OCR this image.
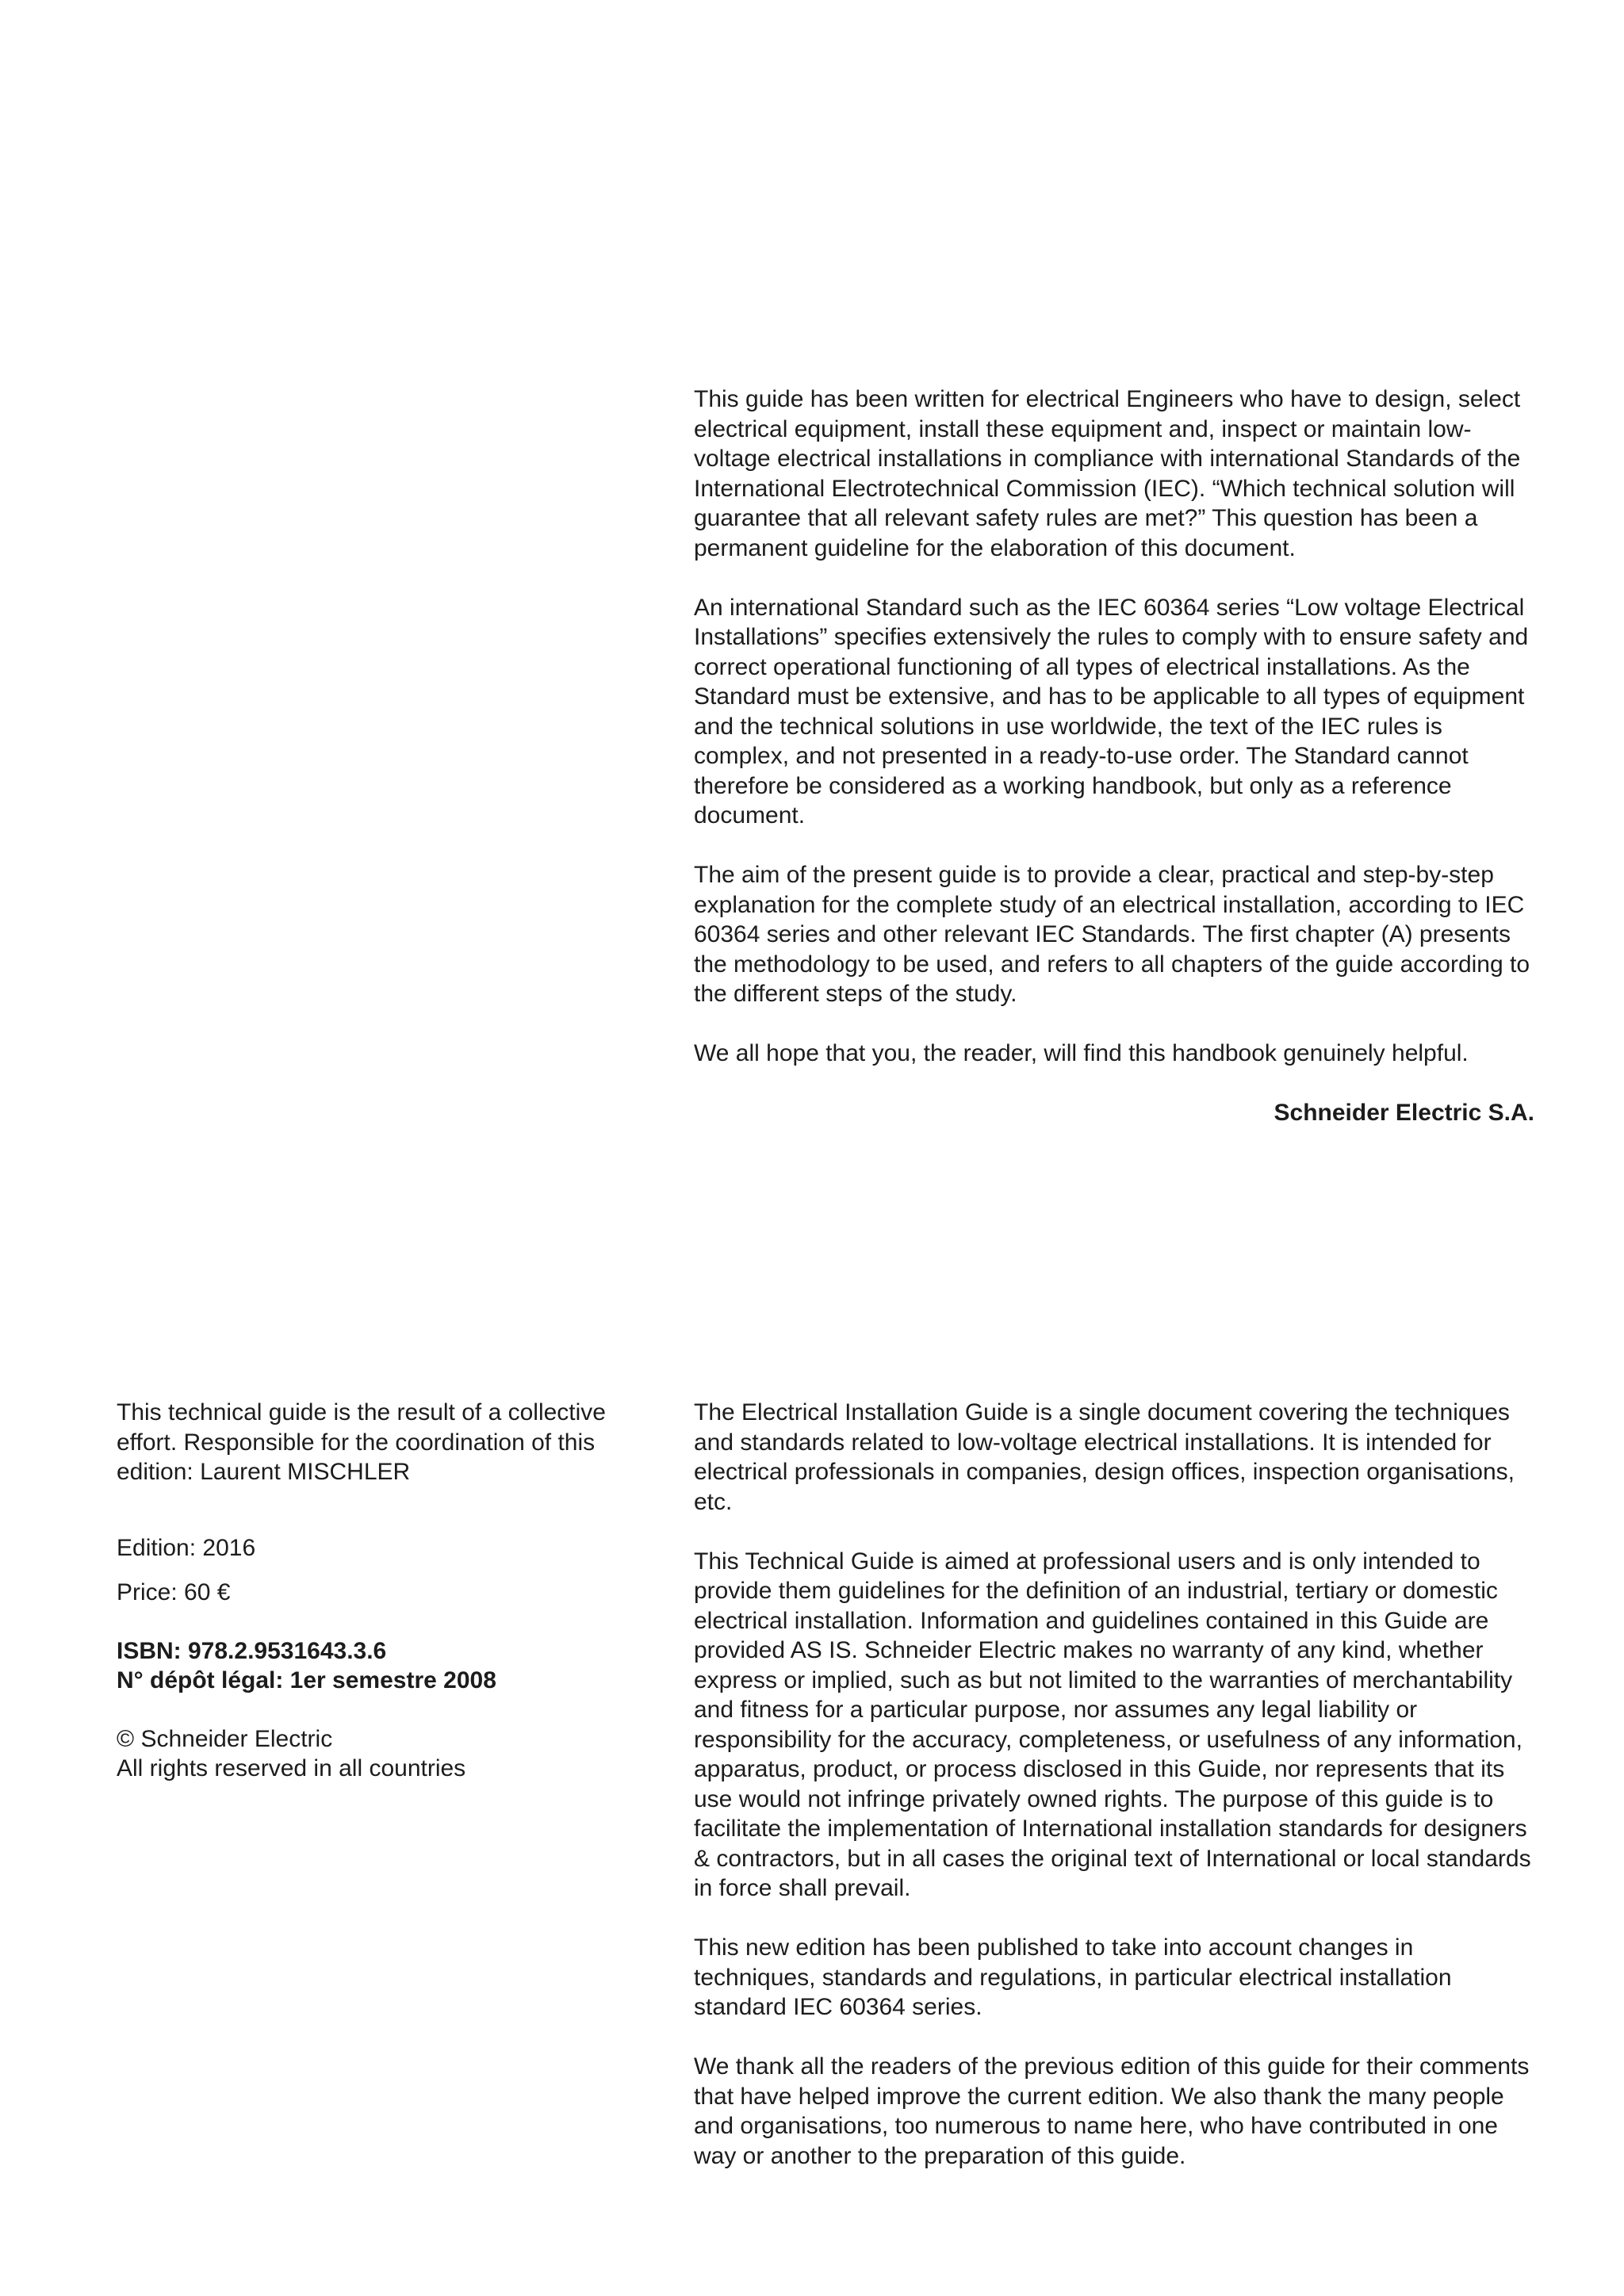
This guide has been written for electrical Engineers who have to design, select electrical equipment, install these equipment and, inspect or maintain low-voltage electrical installations in compliance with international Standards of the International Electrotechnical Commission (IEC). “Which technical solution will guarantee that all relevant safety rules are met?” This question has been a permanent guideline for the elaboration of this document.

An international Standard such as the IEC 60364 series “Low voltage Electrical Installations” specifies extensively the rules to comply with to ensure safety and correct operational functioning of all types of electrical installations. As the Standard must be extensive, and has to be applicable to all types of equipment and the technical solutions in use worldwide, the text of the IEC rules is complex, and not presented in a ready-to-use order. The Standard cannot therefore be considered as a working handbook, but only as a reference document.

The aim of the present guide is to provide a clear, practical and step-by-step explanation for the complete study of an electrical installation, according to IEC 60364 series and other relevant IEC Standards. The first chapter (A) presents the methodology to be used, and refers to all chapters of the guide according to the different steps of the study.

We all hope that you, the reader, will find this handbook genuinely helpful.

Schneider Electric S.A.

This technical guide is the result of a collective effort. Responsible for the coordination of this edition: Laurent MISCHLER

Edition: 2016

Price: 60 €

ISBN: 978.2.9531643.3.6

N° dépôt légal: 1er semestre 2008

© Schneider Electric

All rights reserved in all countries

The Electrical Installation Guide is a single document covering the techniques and standards related to low-voltage electrical installations. It is intended for electrical professionals in companies, design offices, inspection organisations, etc.

This Technical Guide is aimed at professional users and is only intended to provide them guidelines for the definition of an industrial, tertiary or domestic electrical installation. Information and guidelines contained in this Guide are provided AS IS. Schneider Electric makes no warranty of any kind, whether express or implied, such as but not limited to the warranties of merchantability and fitness for a particular purpose, nor assumes any legal liability or responsibility for the accuracy, completeness, or usefulness of any information, apparatus, product, or process disclosed in this Guide, nor represents that its use would not infringe privately owned rights. The purpose of this guide is to facilitate the implementation of International installation standards for designers & contractors, but in all cases the original text of International or local standards in force shall prevail.

This new edition has been published to take into account changes in techniques, standards and regulations, in particular electrical installation standard IEC 60364 series.

We thank all the readers of the previous edition of this guide for their comments that have helped improve the current edition. We also thank the many people and organisations, too numerous to name here, who have contributed in one way or another to the preparation of this guide.
